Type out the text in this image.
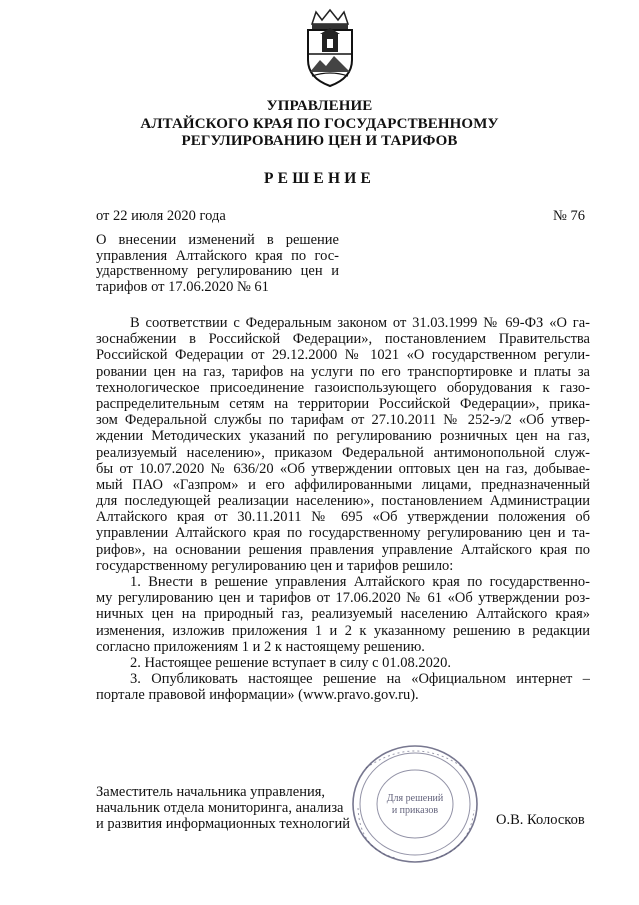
УПРАВЛЕНИЕ
АЛТАЙСКОГО КРАЯ ПО ГОСУДАРСТВЕННОМУ
РЕГУЛИРОВАНИЮ ЦЕН И ТАРИФОВ
РЕШЕНИЕ
от 22 июля 2020 года	№ 76
О внесении изменений в решение
управления Алтайского края по гос-
ударственному регулированию цен и
тарифов от 17.06.2020 № 61
В соответствии с Федеральным законом от 31.03.1999 № 69-ФЗ «О га-
зоснабжении в Российской Федерации», постановлением Правительства
Российской Федерации от 29.12.2000 № 1021 «О государственном регули-
ровании цен на газ, тарифов на услуги по его транспортировке и платы за
технологическое присоединение газоиспользующего оборудования к газо-
распределительным сетям на территории Российской Федерации», прика-
зом Федеральной службы по тарифам от 27.10.2011 № 252-э/2 «Об утвер-
ждении Методических указаний по регулированию розничных цен на газ,
реализуемый населению», приказом Федеральной антимонопольной служ-
бы от 10.07.2020 № 636/20 «Об утверждении оптовых цен на газ, добывае-
мый ПАО «Газпром» и его аффилированными лицами, предназначенный
для последующей реализации населению», постановлением Администрации
Алтайского края от 30.11.2011 № 695 «Об утверждении положения об
управлении Алтайского края по государственному регулированию цен и та-
рифов», на основании решения правления управление Алтайского края по
государственному регулированию цен и тарифов решило:
1. Внести в решение управления Алтайского края по государственно-
му регулированию цен и тарифов от 17.06.2020 № 61 «Об утверждении роз-
ничных цен на природный газ, реализуемый населению Алтайского края»
изменения, изложив приложения 1 и 2 к указанному решению в редакции
согласно приложениям 1 и 2 к настоящему решению.
2. Настоящее решение вступает в силу с 01.08.2020.
3. Опубликовать настоящее решение на «Официальном интернет –
портале правовой информации» (www.pravo.gov.ru).
Для решений
и приказов
Заместитель начальника управления,
начальник отдела мониторинга, анализа
и развития информационных технологий	О.В. Колосков
